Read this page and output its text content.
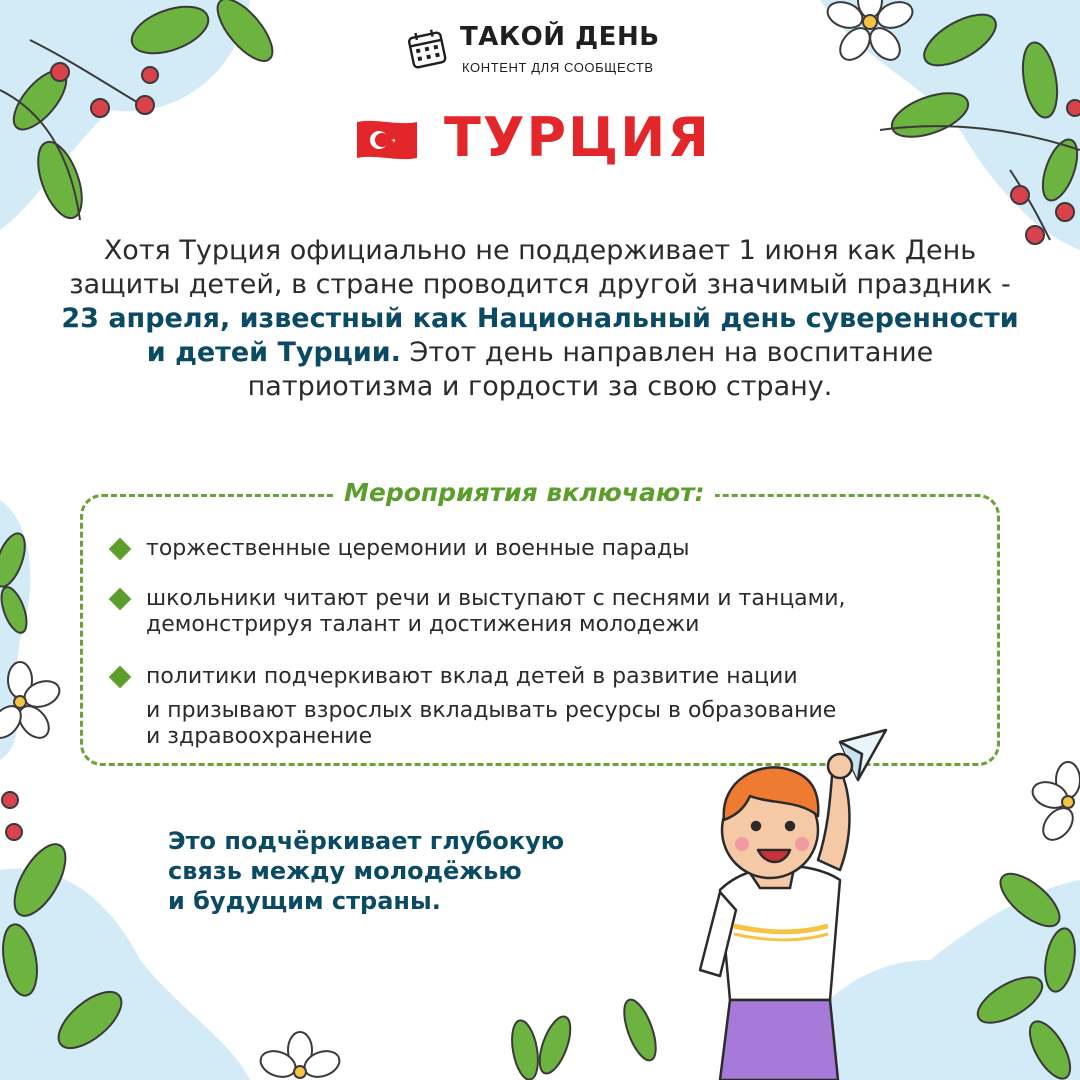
ТАКОЙ ДЕНЬ
КОНТЕНТ ДЛЯ СООБЩЕСТВ
ТУРЦИЯ
Хотя Турция официально не поддерживает 1 июня как День защиты детей, в стране проводится другой значимый праздник - 23 апреля, известный как Национальный день суверенности и детей Турции. Этот день направлен на воспитание патриотизма и гордости за свою страну.
Мероприятия включают:
торжественные церемонии и военные парады
школьники читают речи и выступают с песнями и танцами,
демонстрируя талант и достижения молодежи
политики подчеркивают вклад детей в развитие нации
и призывают взрослых вкладывать ресурсы в образование
и здравоохранение
Это подчёркивает глубокую
связь между молодёжью
и будущим страны.
